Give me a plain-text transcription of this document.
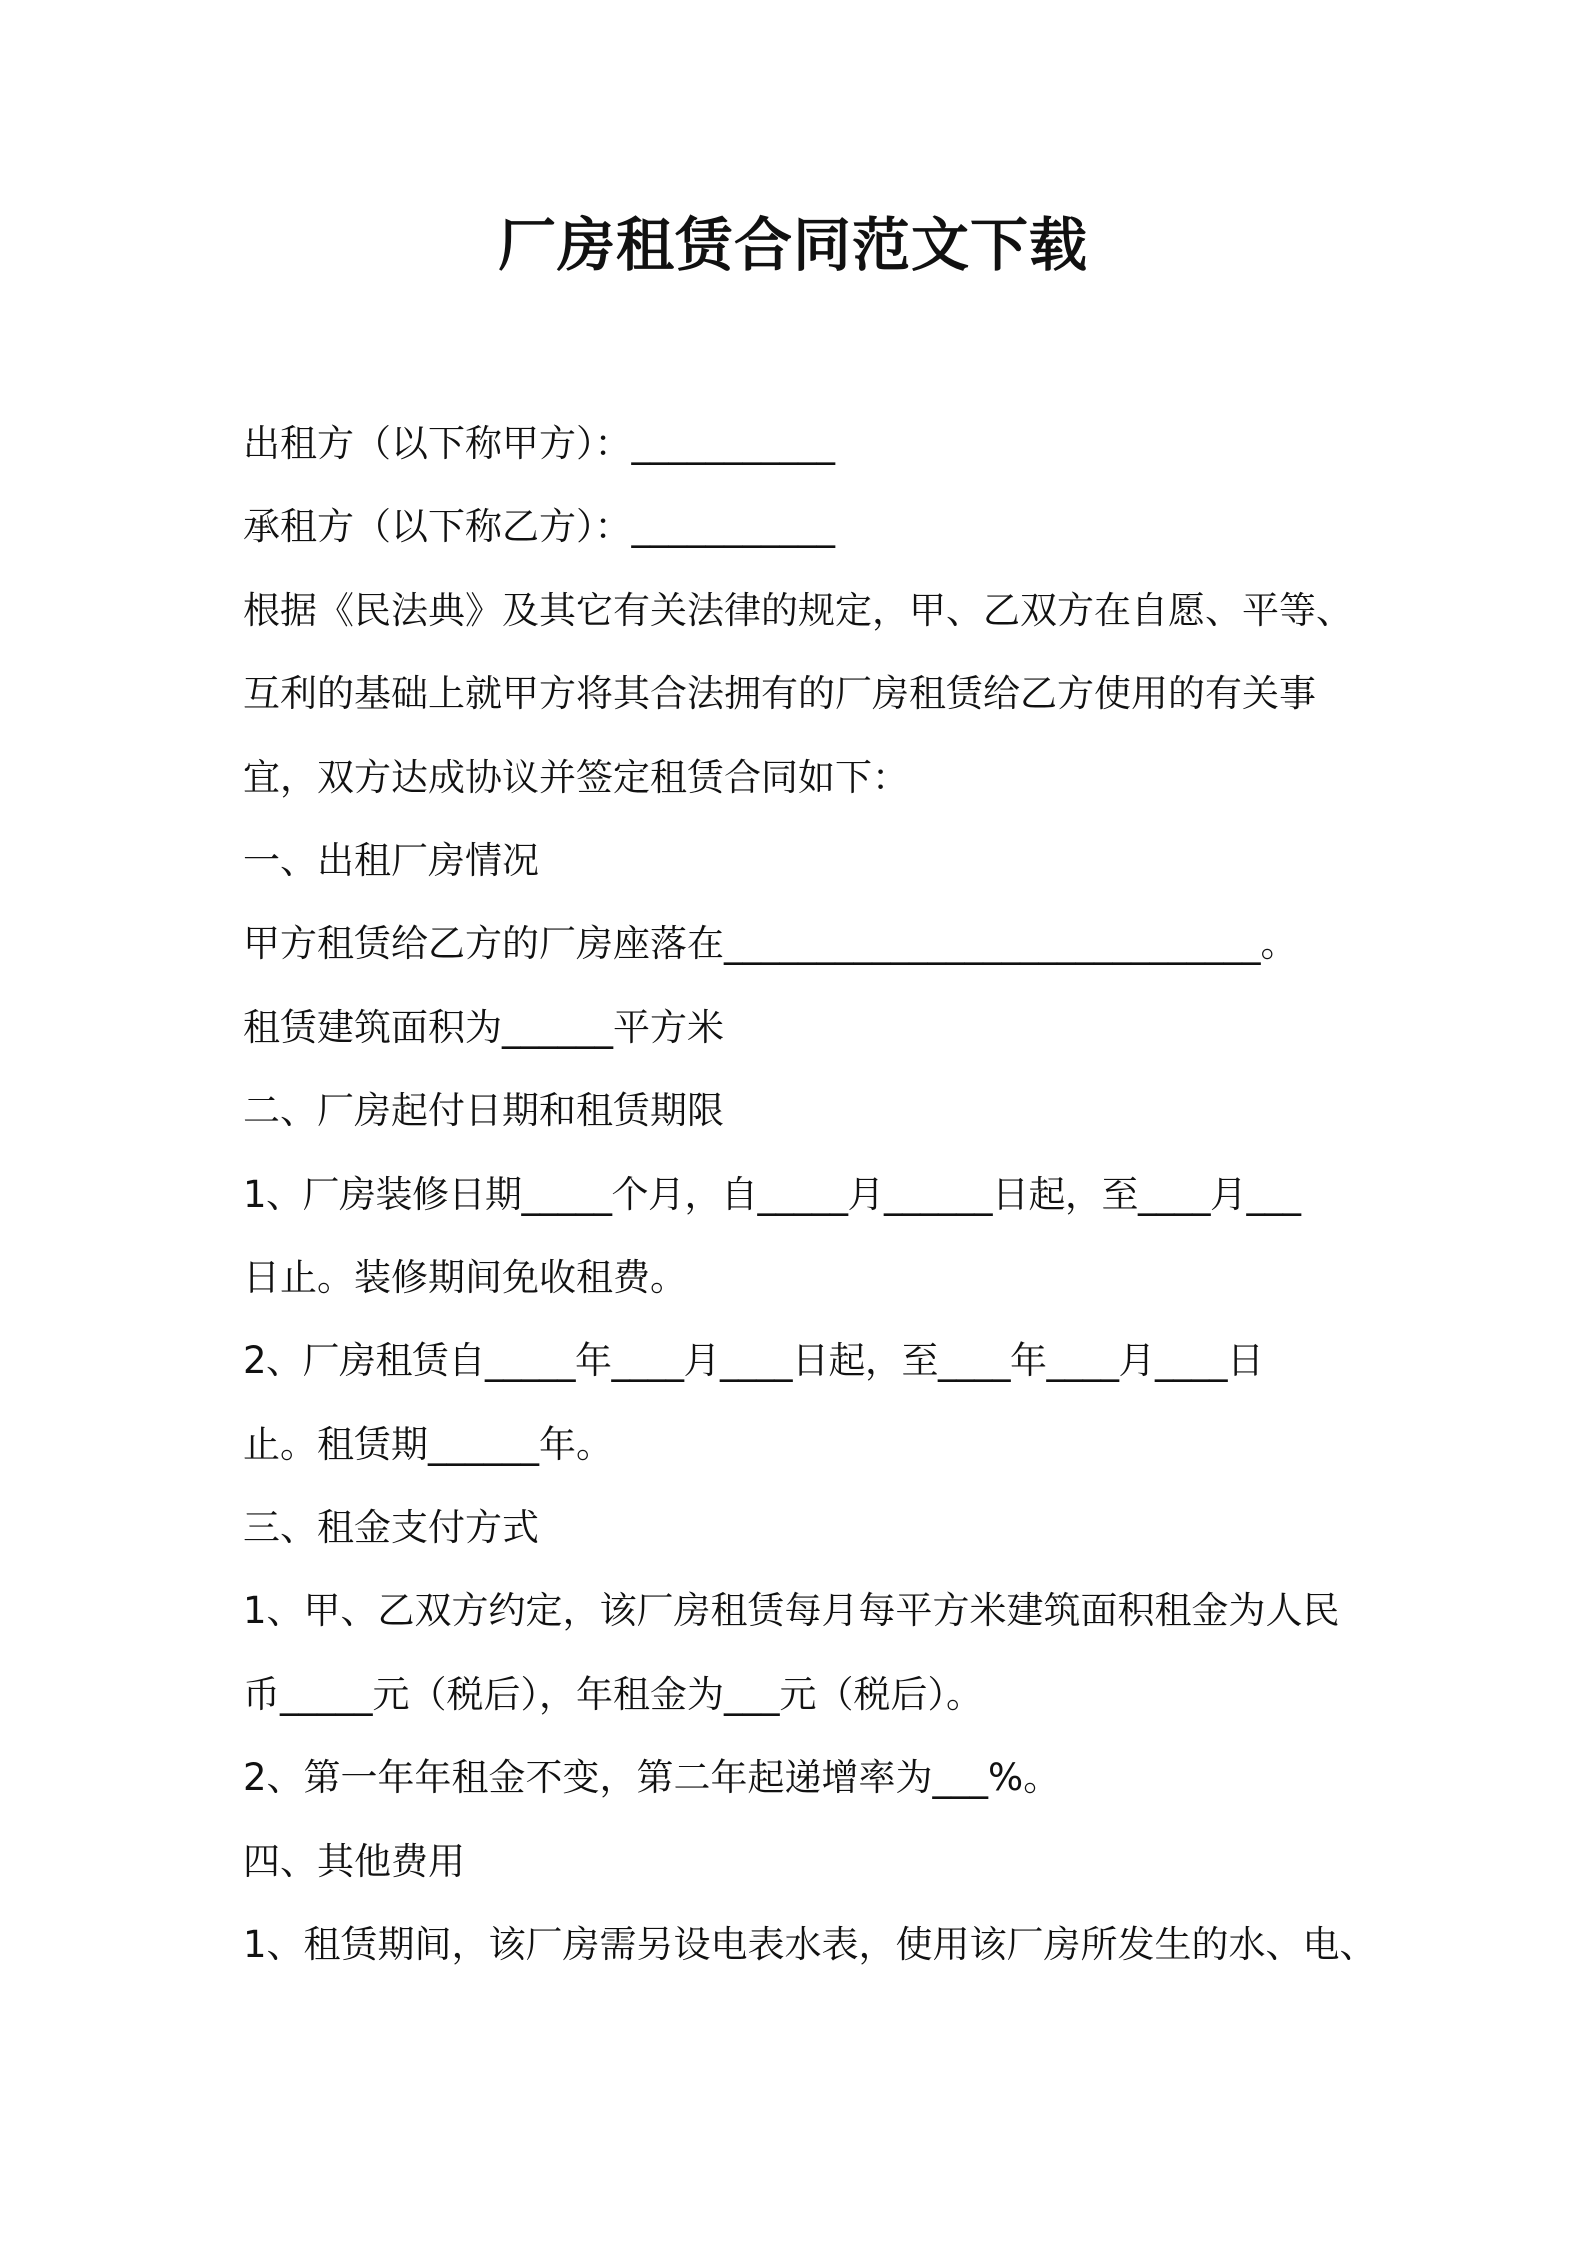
厂房租赁合同范文下载

出租方（以下称甲方）：___________

承租方（以下称乙方）：___________

根据《民法典》及其它有关法律的规定，甲、乙双方在自愿、平等、

互利的基础上就甲方将其合法拥有的厂房租赁给乙方使用的有关事

宜，双方达成协议并签定租赁合同如下：

一、出租厂房情况

甲方租赁给乙方的厂房座落在_____________________________。

租赁建筑面积为______平方米

二、厂房起付日期和租赁期限

1、厂房装修日期_____个月，自_____月______日起，至____月___

日止。装修期间免收租费。

2、厂房租赁自_____年____月____日起，至____年____月____日

止。租赁期______年。

三、租金支付方式

1、甲、乙双方约定，该厂房租赁每月每平方米建筑面积租金为人民

币_____元（税后），年租金为___元（税后）。

2、第一年年租金不变，第二年起递增率为___%。

四、其他费用

1、租赁期间，该厂房需另设电表水表，使用该厂房所发生的水、电、
